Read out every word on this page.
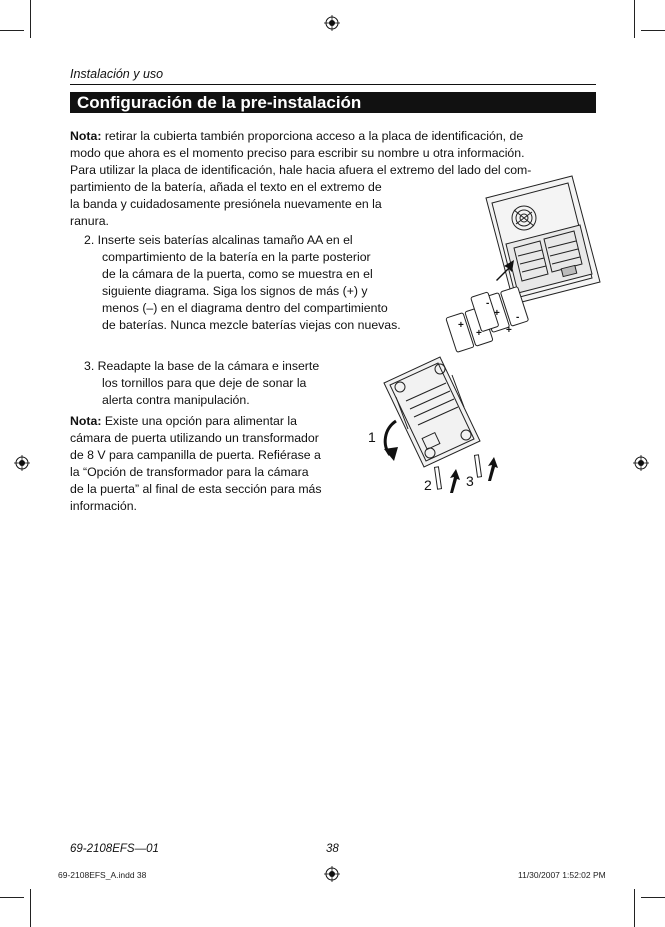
Instalación y uso
Configuración de la pre-instalación
Nota: retirar la cubierta también proporciona acceso a la placa de identificación, de
modo que ahora es el momento preciso para escribir su nombre u otra información.
Para utilizar la placa de identificación, hale hacia afuera el extremo del lado del com-
partimiento de la batería, añada el texto en el extremo de
la banda y cuidadosamente presiónela nuevamente en la
ranura.
2. Inserte seis baterías alcalinas tamaño AA en el
compartimiento de la batería en la parte posterior
de la cámara de la puerta, como se muestra en el
siguiente diagrama. Siga los signos de más (+) y
menos (–) en el diagrama dentro del compartimiento
de baterías. Nunca mezcle baterías viejas con nuevas.
3. Readapte la base de la cámara e inserte
los tornillos para que deje de sonar la
alerta contra manipulación.
Nota: Existe una opción para alimentar la
cámara de puerta utilizando un transformador
de 8 V para campanilla de puerta. Refiérase a
la “Opción de transformador para la cámara
de la puerta” al final de esta sección para más
información.
+
+
+
-
-
+
1
2 3
69-2108EFS—01	38
69-2108EFS_A.indd 38	11/30/2007 1:52:02 PM
